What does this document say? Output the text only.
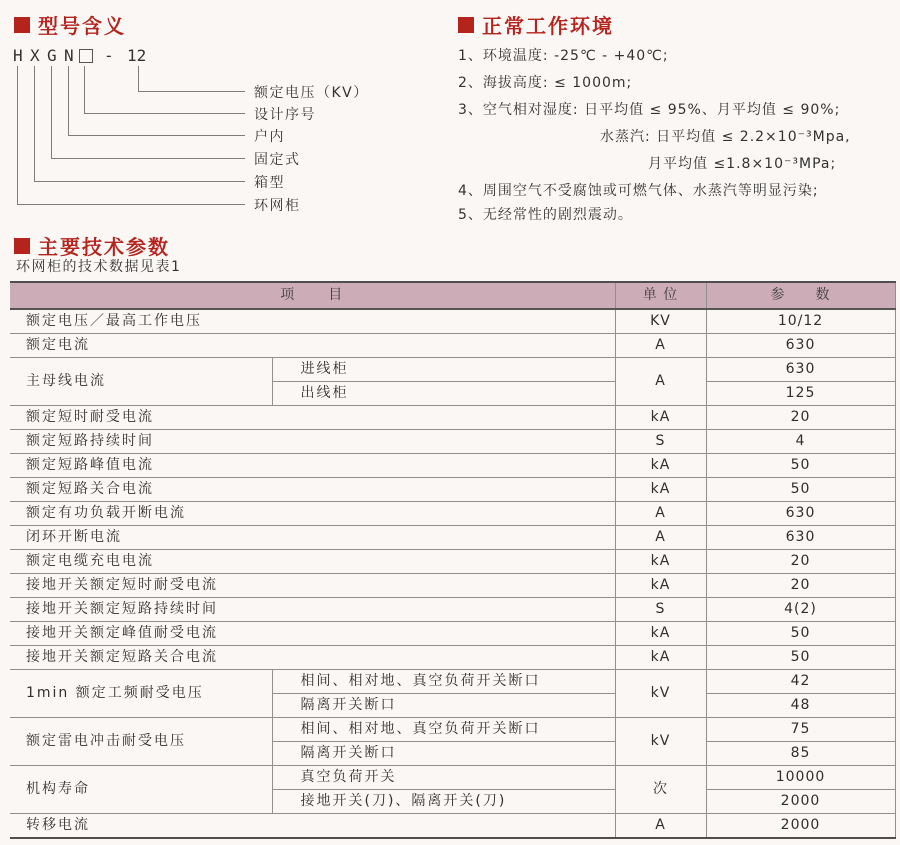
型号含义
H X G N - 12
额定电压（KV）
设计序号
户内
固定式
箱型
环网柜
正常工作环境
1、环境温度: -25℃ - +40℃;
2、海拔高度: ≤ 1000m;
3、空气相对湿度: 日平均值 ≤ 95%、月平均值 ≤ 90%;
水蒸汽: 日平均值 ≤ 2.2×10⁻³Mpa,
月平均值 ≤1.8×10⁻³MPa;
4、周围空气不受腐蚀或可燃气体、水蒸汽等明显污染;
5、无经常性的剧烈震动。
主要技术参数
环网柜的技术数据见表1
项　　目		单 位	参　　数
额定电压／最高工作电压		KV	10/12
额定电流		A	630
主母线电流	进线柜	A	630
	出线柜		125
额定短时耐受电流		kA	20
额定短路持续时间		S	4
额定短路峰值电流		kA	50
额定短路关合电流		kA	50
额定有功负载开断电流		A	630
闭环开断电流		A	630
额定电缆充电电流		kA	20
接地开关额定短时耐受电流		kA	20
接地开关额定短路持续时间		S	4(2)
接地开关额定峰值耐受电流		kA	50
接地开关额定短路关合电流		kA	50
1min 额定工频耐受电压	相间、相对地、真空负荷开关断口	kV	42
	隔离开关断口		48
额定雷电冲击耐受电压	相间、相对地、真空负荷开关断口	kV	75
	隔离开关断口		85
机构寿命	真空负荷开关	次	10000
	接地开关(刀)、隔离开关(刀)		2000
转移电流		A	2000
